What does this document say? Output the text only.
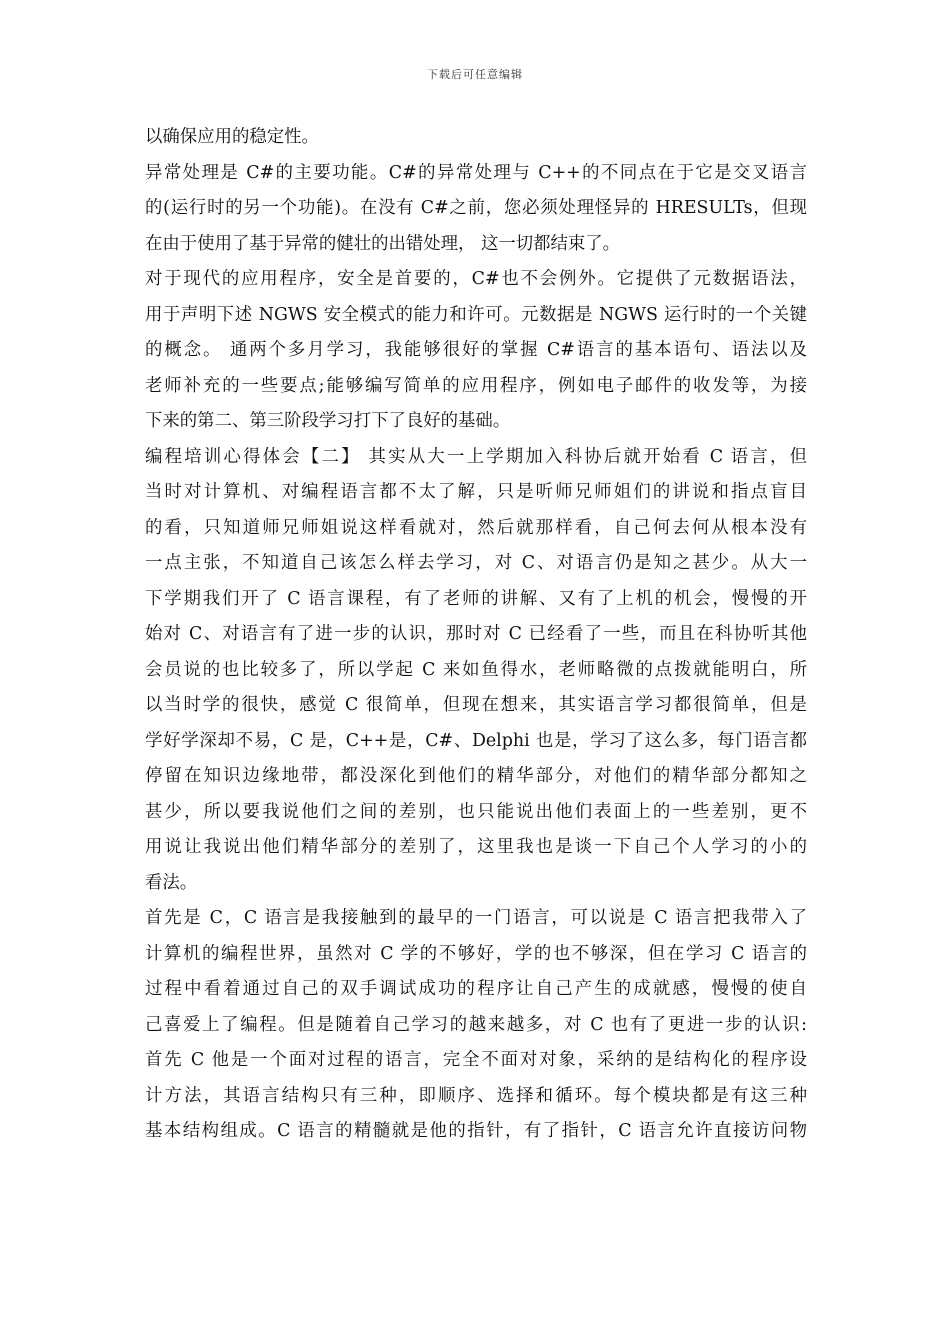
下载后可任意编辑
以确保应用的稳定性。
异常处理是 C#的主要功能。C#的异常处理与 C++的不同点在于它是交叉语言
的(运行时的另一个功能)。在没有 C#之前，您必须处理怪异的 HRESULTs，但现
在由于使用了基于异常的健壮的出错处理， 这一切都结束了。
对于现代的应用程序，安全是首要的，C#也不会例外。它提供了元数据语法，
用于声明下述 NGWS 安全模式的能力和许可。元数据是 NGWS 运行时的一个关键
的概念。 通两个多月学习，我能够很好的掌握 C#语言的基本语句、语法以及
老师补充的一些要点;能够编写简单的应用程序，例如电子邮件的收发等，为接
下来的第二、第三阶段学习打下了良好的基础。
编程培训心得体会【二】 其实从大一上学期加入科协后就开始看 C 语言，但
当时对计算机、对编程语言都不太了解，只是听师兄师姐们的讲说和指点盲目
的看，只知道师兄师姐说这样看就对，然后就那样看，自己何去何从根本没有
一点主张，不知道自己该怎么样去学习，对 C、对语言仍是知之甚少。从大一
下学期我们开了 C 语言课程，有了老师的讲解、又有了上机的机会，慢慢的开
始对 C、对语言有了进一步的认识，那时对 C 已经看了一些，而且在科协听其他
会员说的也比较多了，所以学起 C 来如鱼得水，老师略微的点拨就能明白，所
以当时学的很快，感觉 C 很简单，但现在想来，其实语言学习都很简单，但是
学好学深却不易，C 是，C++是，C#、Delphi 也是，学习了这么多，每门语言都
停留在知识边缘地带，都没深化到他们的精华部分，对他们的精华部分都知之
甚少，所以要我说他们之间的差别，也只能说出他们表面上的一些差别，更不
用说让我说出他们精华部分的差别了，这里我也是谈一下自己个人学习的小的
看法。
首先是 C，C 语言是我接触到的最早的一门语言，可以说是 C 语言把我带入了
计算机的编程世界，虽然对 C 学的不够好，学的也不够深，但在学习 C 语言的
过程中看着通过自己的双手调试成功的程序让自己产生的成就感，慢慢的使自
己喜爱上了编程。但是随着自己学习的越来越多，对 C 也有了更进一步的认识:
首先 C 他是一个面对过程的语言，完全不面对对象，采纳的是结构化的程序设
计方法，其语言结构只有三种，即顺序、选择和循环。每个模块都是有这三种
基本结构组成。C 语言的精髓就是他的指针，有了指针，C 语言允许直接访问物
